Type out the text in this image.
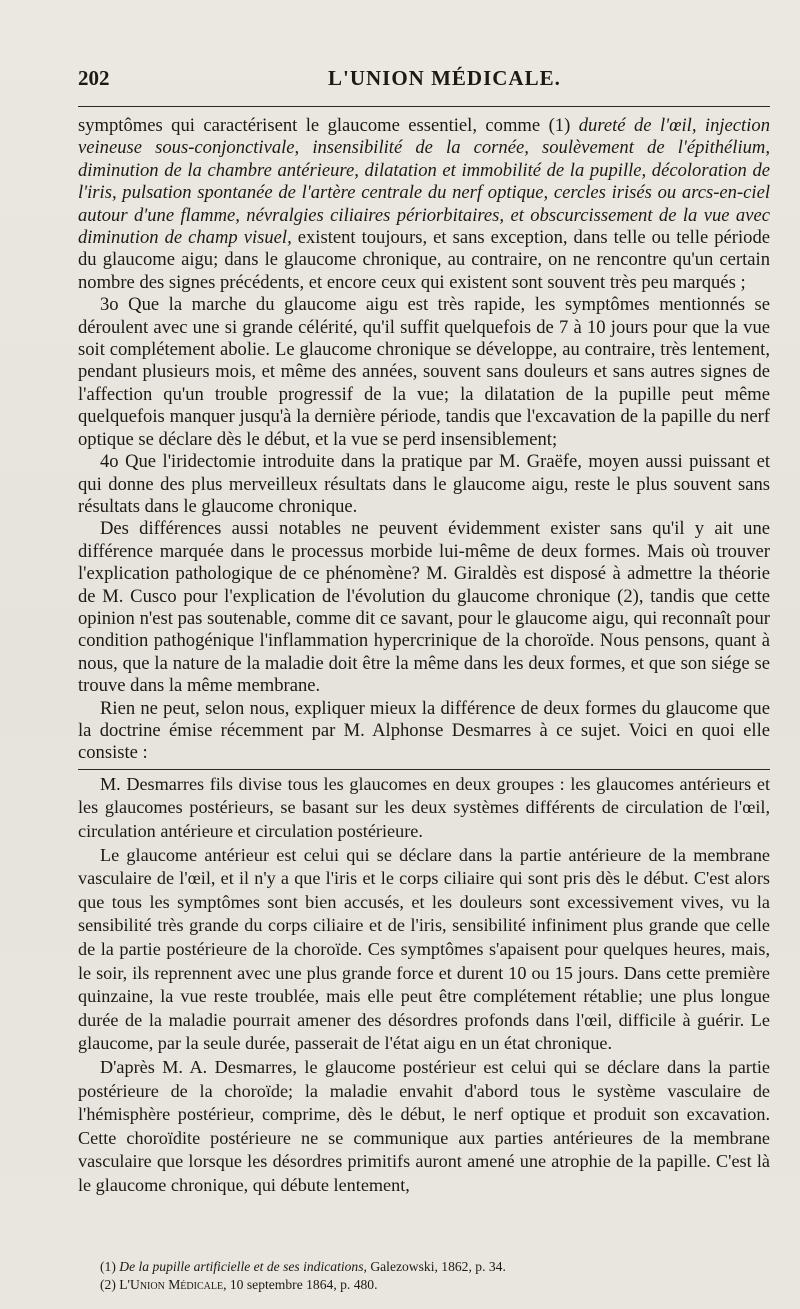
202	L'UNION MÉDICALE.

symptômes qui caractérisent le glaucome essentiel, comme (1) dureté de l'œil, injection veineuse sous-conjonctivale, insensibilité de la cornée, soulèvement de l'épithélium, diminution de la chambre antérieure, dilatation et immobilité de la pupille, décoloration de l'iris, pulsation spontanée de l'artère centrale du nerf optique, cercles irisés ou arcs-en-ciel autour d'une flamme, névralgies ciliaires périorbitaires, et obscurcissement de la vue avec diminution de champ visuel, existent toujours, et sans exception, dans telle ou telle période du glaucome aigu; dans le glaucome chronique, au contraire, on ne rencontre qu'un certain nombre des signes précédents, et encore ceux qui existent sont souvent très peu marqués ;

3o Que la marche du glaucome aigu est très rapide, les symptômes mentionnés se déroulent avec une si grande célérité, qu'il suffit quelquefois de 7 à 10 jours pour que la vue soit complétement abolie. Le glaucome chronique se développe, au contraire, très lentement, pendant plusieurs mois, et même des années, souvent sans douleurs et sans autres signes de l'affection qu'un trouble progressif de la vue; la dilatation de la pupille peut même quelquefois manquer jusqu'à la dernière période, tandis que l'excavation de la papille du nerf optique se déclare dès le début, et la vue se perd insensiblement;

4o Que l'iridectomie introduite dans la pratique par M. Graëfe, moyen aussi puissant et qui donne des plus merveilleux résultats dans le glaucome aigu, reste le plus souvent sans résultats dans le glaucome chronique.

Des différences aussi notables ne peuvent évidemment exister sans qu'il y ait une différence marquée dans le processus morbide lui-même de deux formes. Mais où trouver l'explication pathologique de ce phénomène? M. Giraldès est disposé à admettre la théorie de M. Cusco pour l'explication de l'évolution du glaucome chronique (2), tandis que cette opinion n'est pas soutenable, comme dit ce savant, pour le glaucome aigu, qui reconnaît pour condition pathogénique l'inflammation hypercrinique de la choroïde. Nous pensons, quant à nous, que la nature de la maladie doit être la même dans les deux formes, et que son siége se trouve dans la même membrane.

Rien ne peut, selon nous, expliquer mieux la différence de deux formes du glaucome que la doctrine émise récemment par M. Alphonse Desmarres à ce sujet. Voici en quoi elle consiste :

M. Desmarres fils divise tous les glaucomes en deux groupes : les glaucomes antérieurs et les glaucomes postérieurs, se basant sur les deux systèmes différents de circulation de l'œil, circulation antérieure et circulation postérieure.

Le glaucome antérieur est celui qui se déclare dans la partie antérieure de la membrane vasculaire de l'œil, et il n'y a que l'iris et le corps ciliaire qui sont pris dès le début. C'est alors que tous les symptômes sont bien accusés, et les douleurs sont excessivement vives, vu la sensibilité très grande du corps ciliaire et de l'iris, sensibilité infiniment plus grande que celle de la partie postérieure de la choroïde. Ces symptômes s'apaisent pour quelques heures, mais, le soir, ils reprennent avec une plus grande force et durent 10 ou 15 jours. Dans cette première quinzaine, la vue reste troublée, mais elle peut être complétement rétablie; une plus longue durée de la maladie pourrait amener des désordres profonds dans l'œil, difficile à guérir. Le glaucome, par la seule durée, passerait de l'état aigu en un état chronique.

D'après M. A. Desmarres, le glaucome postérieur est celui qui se déclare dans la partie postérieure de la choroïde; la maladie envahit d'abord tous le système vasculaire de l'hémisphère postérieur, comprime, dès le début, le nerf optique et produit son excavation. Cette choroïdite postérieure ne se communique aux parties antérieures de la membrane vasculaire que lorsque les désordres primitifs auront amené une atrophie de la papille. C'est là le glaucome chronique, qui débute lentement,

(1) De la pupille artificielle et de ses indications, Galezowski, 1862, p. 34.
(2) L'Union Médicale, 10 septembre 1864, p. 480.
